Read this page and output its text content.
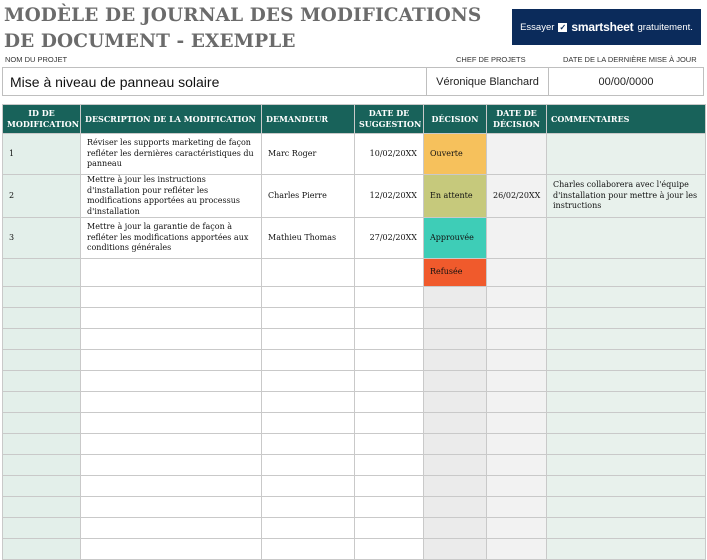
MODÈLE DE JOURNAL DES MODIFICATIONS
DE DOCUMENT - EXEMPLE
Essayer ✓ smartsheet gratuitement.
NOM DU PROJET	CHEF DE PROJETS	DATE DE LA DERNIÈRE MISE À JOUR
Mise à niveau de panneau solaire	Véronique Blanchard	00/00/0000
ID DE MODIFICATION	DESCRIPTION DE LA MODIFICATION	DEMANDEUR	DATE DE SUGGESTION	DÉCISION	DATE DE DÉCISION	COMMENTAIRES
1	Réviser les supports marketing de façon refléter les dernières caractéristiques du panneau	Marc Roger	10/02/20XX	Ouverte		
2	Mettre à jour les instructions d'installation pour refléter les modifications apportées au processus d'installation	Charles Pierre	12/02/20XX	En attente	26/02/20XX	Charles collaborera avec l'équipe d'installation pour mettre à jour les instructions
3	Mettre à jour la garantie de façon à refléter les modifications apportées aux conditions générales	Mathieu Thomas	27/02/20XX	Approuvée		
				Refusée		
